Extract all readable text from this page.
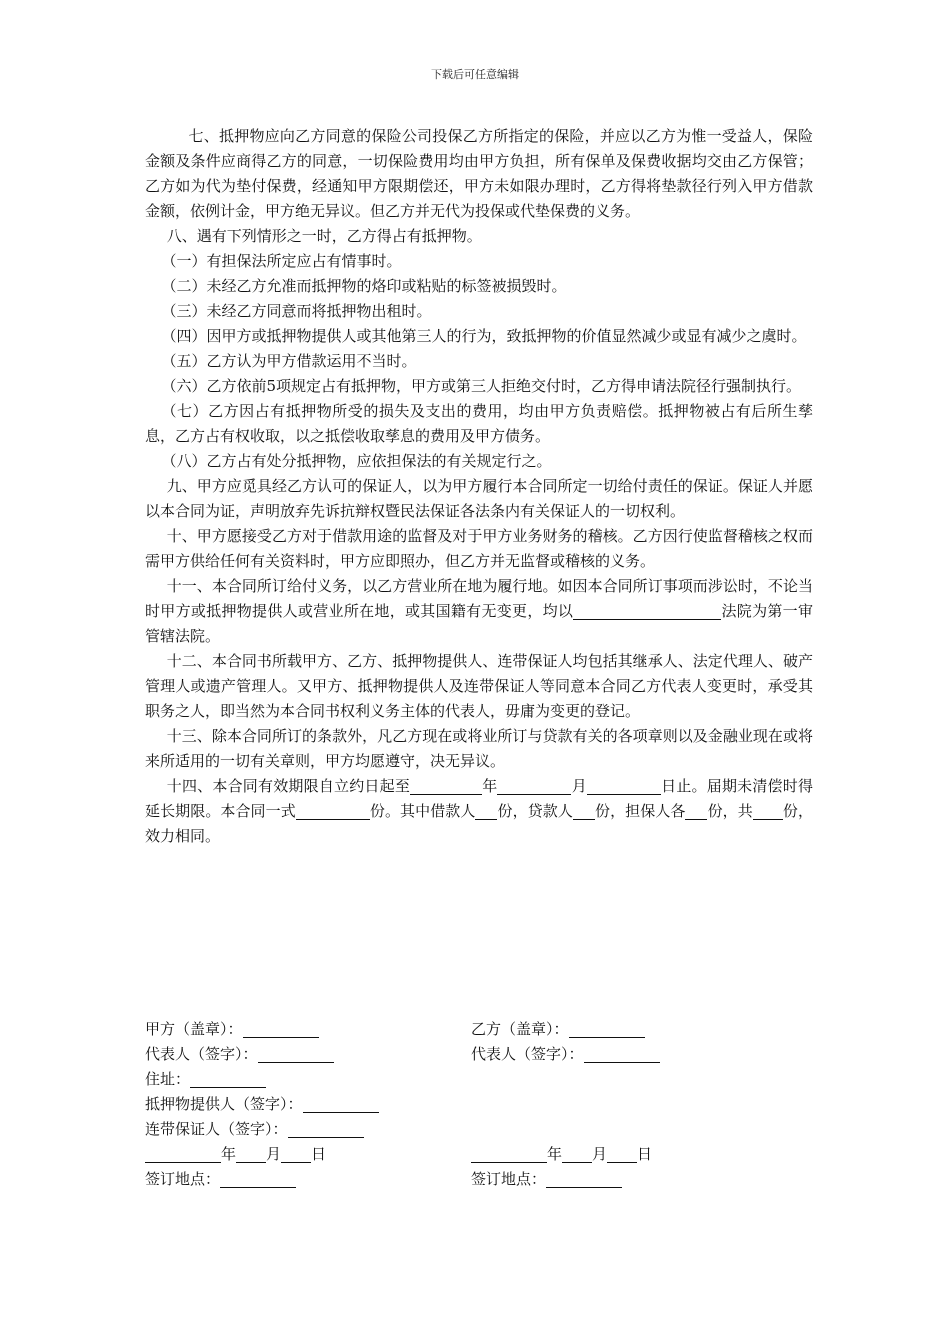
下载后可任意编辑

七、抵押物应向乙方同意的保险公司投保乙方所指定的保险，并应以乙方为惟一受益人，保险金额及条件应商得乙方的同意，一切保险费用均由甲方负担，所有保单及保费收据均交由乙方保管；乙方如为代为垫付保费，经通知甲方限期偿还，甲方未如限办理时，乙方得将垫款径行列入甲方借款金额，依例计金，甲方绝无异议。但乙方并无代为投保或代垫保费的义务。

八、遇有下列情形之一时，乙方得占有抵押物。

（一）有担保法所定应占有情事时。

（二）未经乙方允准而抵押物的烙印或粘贴的标签被损毁时。

（三）未经乙方同意而将抵押物出租时。

（四）因甲方或抵押物提供人或其他第三人的行为，致抵押物的价值显然减少或显有减少之虞时。

（五）乙方认为甲方借款运用不当时。

（六）乙方依前5项规定占有抵押物，甲方或第三人拒绝交付时，乙方得申请法院径行强制执行。

（七）乙方因占有抵押物所受的损失及支出的费用，均由甲方负责赔偿。抵押物被占有后所生孳息，乙方占有权收取，以之抵偿收取孳息的费用及甲方债务。

（八）乙方占有处分抵押物，应依担保法的有关规定行之。

九、甲方应觅具经乙方认可的保证人，以为甲方履行本合同所定一切给付责任的保证。保证人并愿以本合同为证，声明放弃先诉抗辩权暨民法保证各法条内有关保证人的一切权利。

十、甲方愿接受乙方对于借款用途的监督及对于甲方业务财务的稽核。乙方因行使监督稽核之权而需甲方供给任何有关资料时，甲方应即照办，但乙方并无监督或稽核的义务。

十一、本合同所订给付义务，以乙方营业所在地为履行地。如因本合同所订事项而涉讼时，不论当时甲方或抵押物提供人或营业所在地，或其国籍有无变更，均以	法院为第一审管辖法院。

十二、本合同书所载甲方、乙方、抵押物提供人、连带保证人均包括其继承人、法定代理人、破产管理人或遗产管理人。又甲方、抵押物提供人及连带保证人等同意本合同乙方代表人变更时，承受其职务之人，即当然为本合同书权利义务主体的代表人，毋庸为变更的登记。

十三、除本合同所订的条款外，凡乙方现在或将业所订与贷款有关的各项章则以及金融业现在或将来所适用的一切有关章则，甲方均愿遵守，决无异议。

十四、本合同有效期限自立约日起至	年	月	日止。届期未清偿时得延长期限。本合同一式	份。其中借款人 份，贷款人 份，担保人各 份，共 份，效力相同。

甲方（盖章）：	乙方（盖章）：
代表人（签字）：	代表人（签字）：
住址：
抵押物提供人（签字）：
连带保证人（签字）：
年 月 日	年 月 日
签订地点：	签订地点：
